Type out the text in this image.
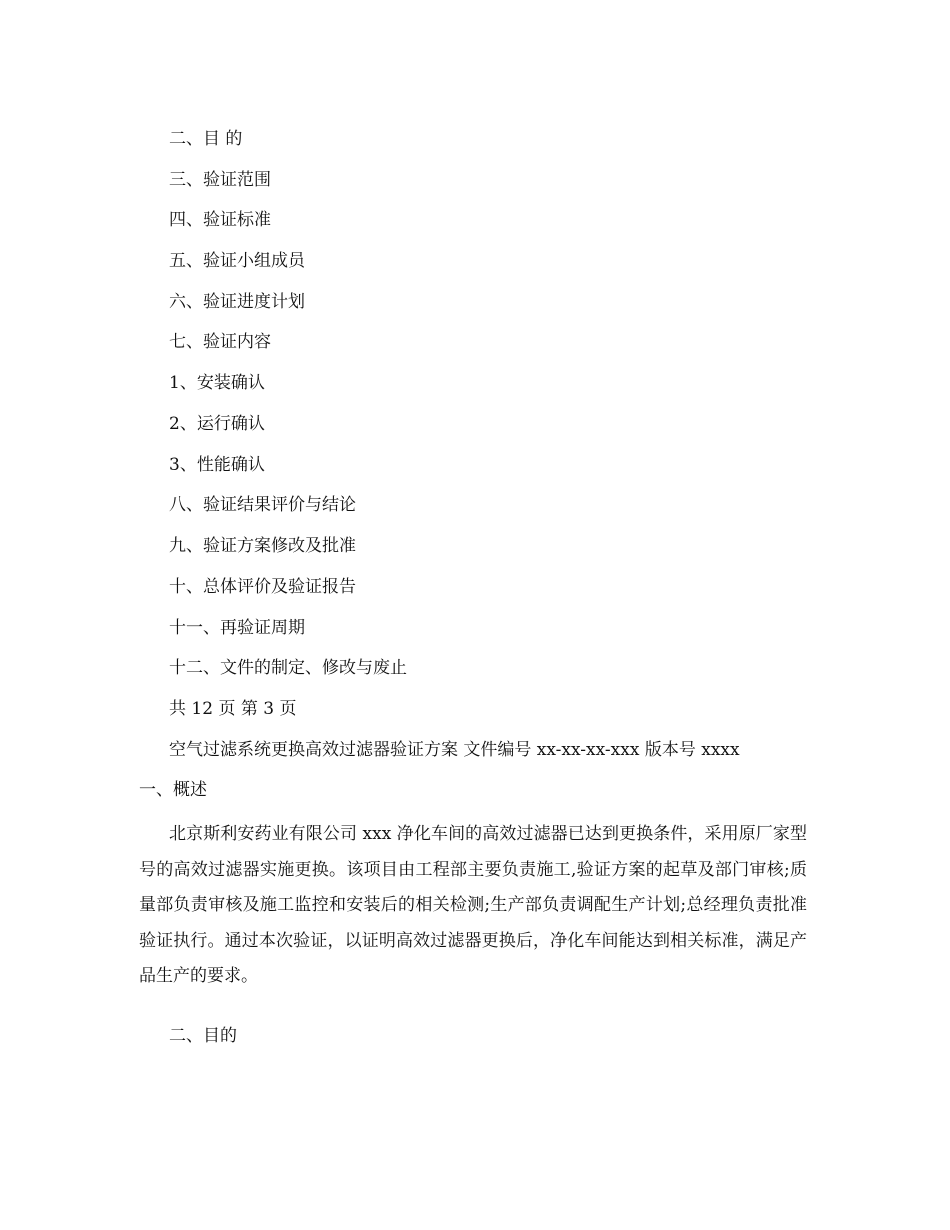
二、目 的
三、验证范围
四、验证标准
五、验证小组成员
六、验证进度计划
七、验证内容
1、安装确认
2、运行确认
3、性能确认
八、验证结果评价与结论
九、验证方案修改及批准
十、总体评价及验证报告
十一、再验证周期
十二、文件的制定、修改与废止
共 12 页 第 3 页
空气过滤系统更换高效过滤器验证方案 文件编号 xx-xx-xx-xxx 版本号 xxxx
一、概述
北京斯利安药业有限公司 xxx 净化车间的高效过滤器已达到更换条件，采用原厂家型号的高效过滤器实施更换。该项目由工程部主要负责施工,验证方案的起草及部门审核;质量部负责审核及施工监控和安装后的相关检测;生产部负责调配生产计划;总经理负责批准验证执行。通过本次验证，以证明高效过滤器更换后，净化车间能达到相关标准，满足产品生产的要求。
二、目的
